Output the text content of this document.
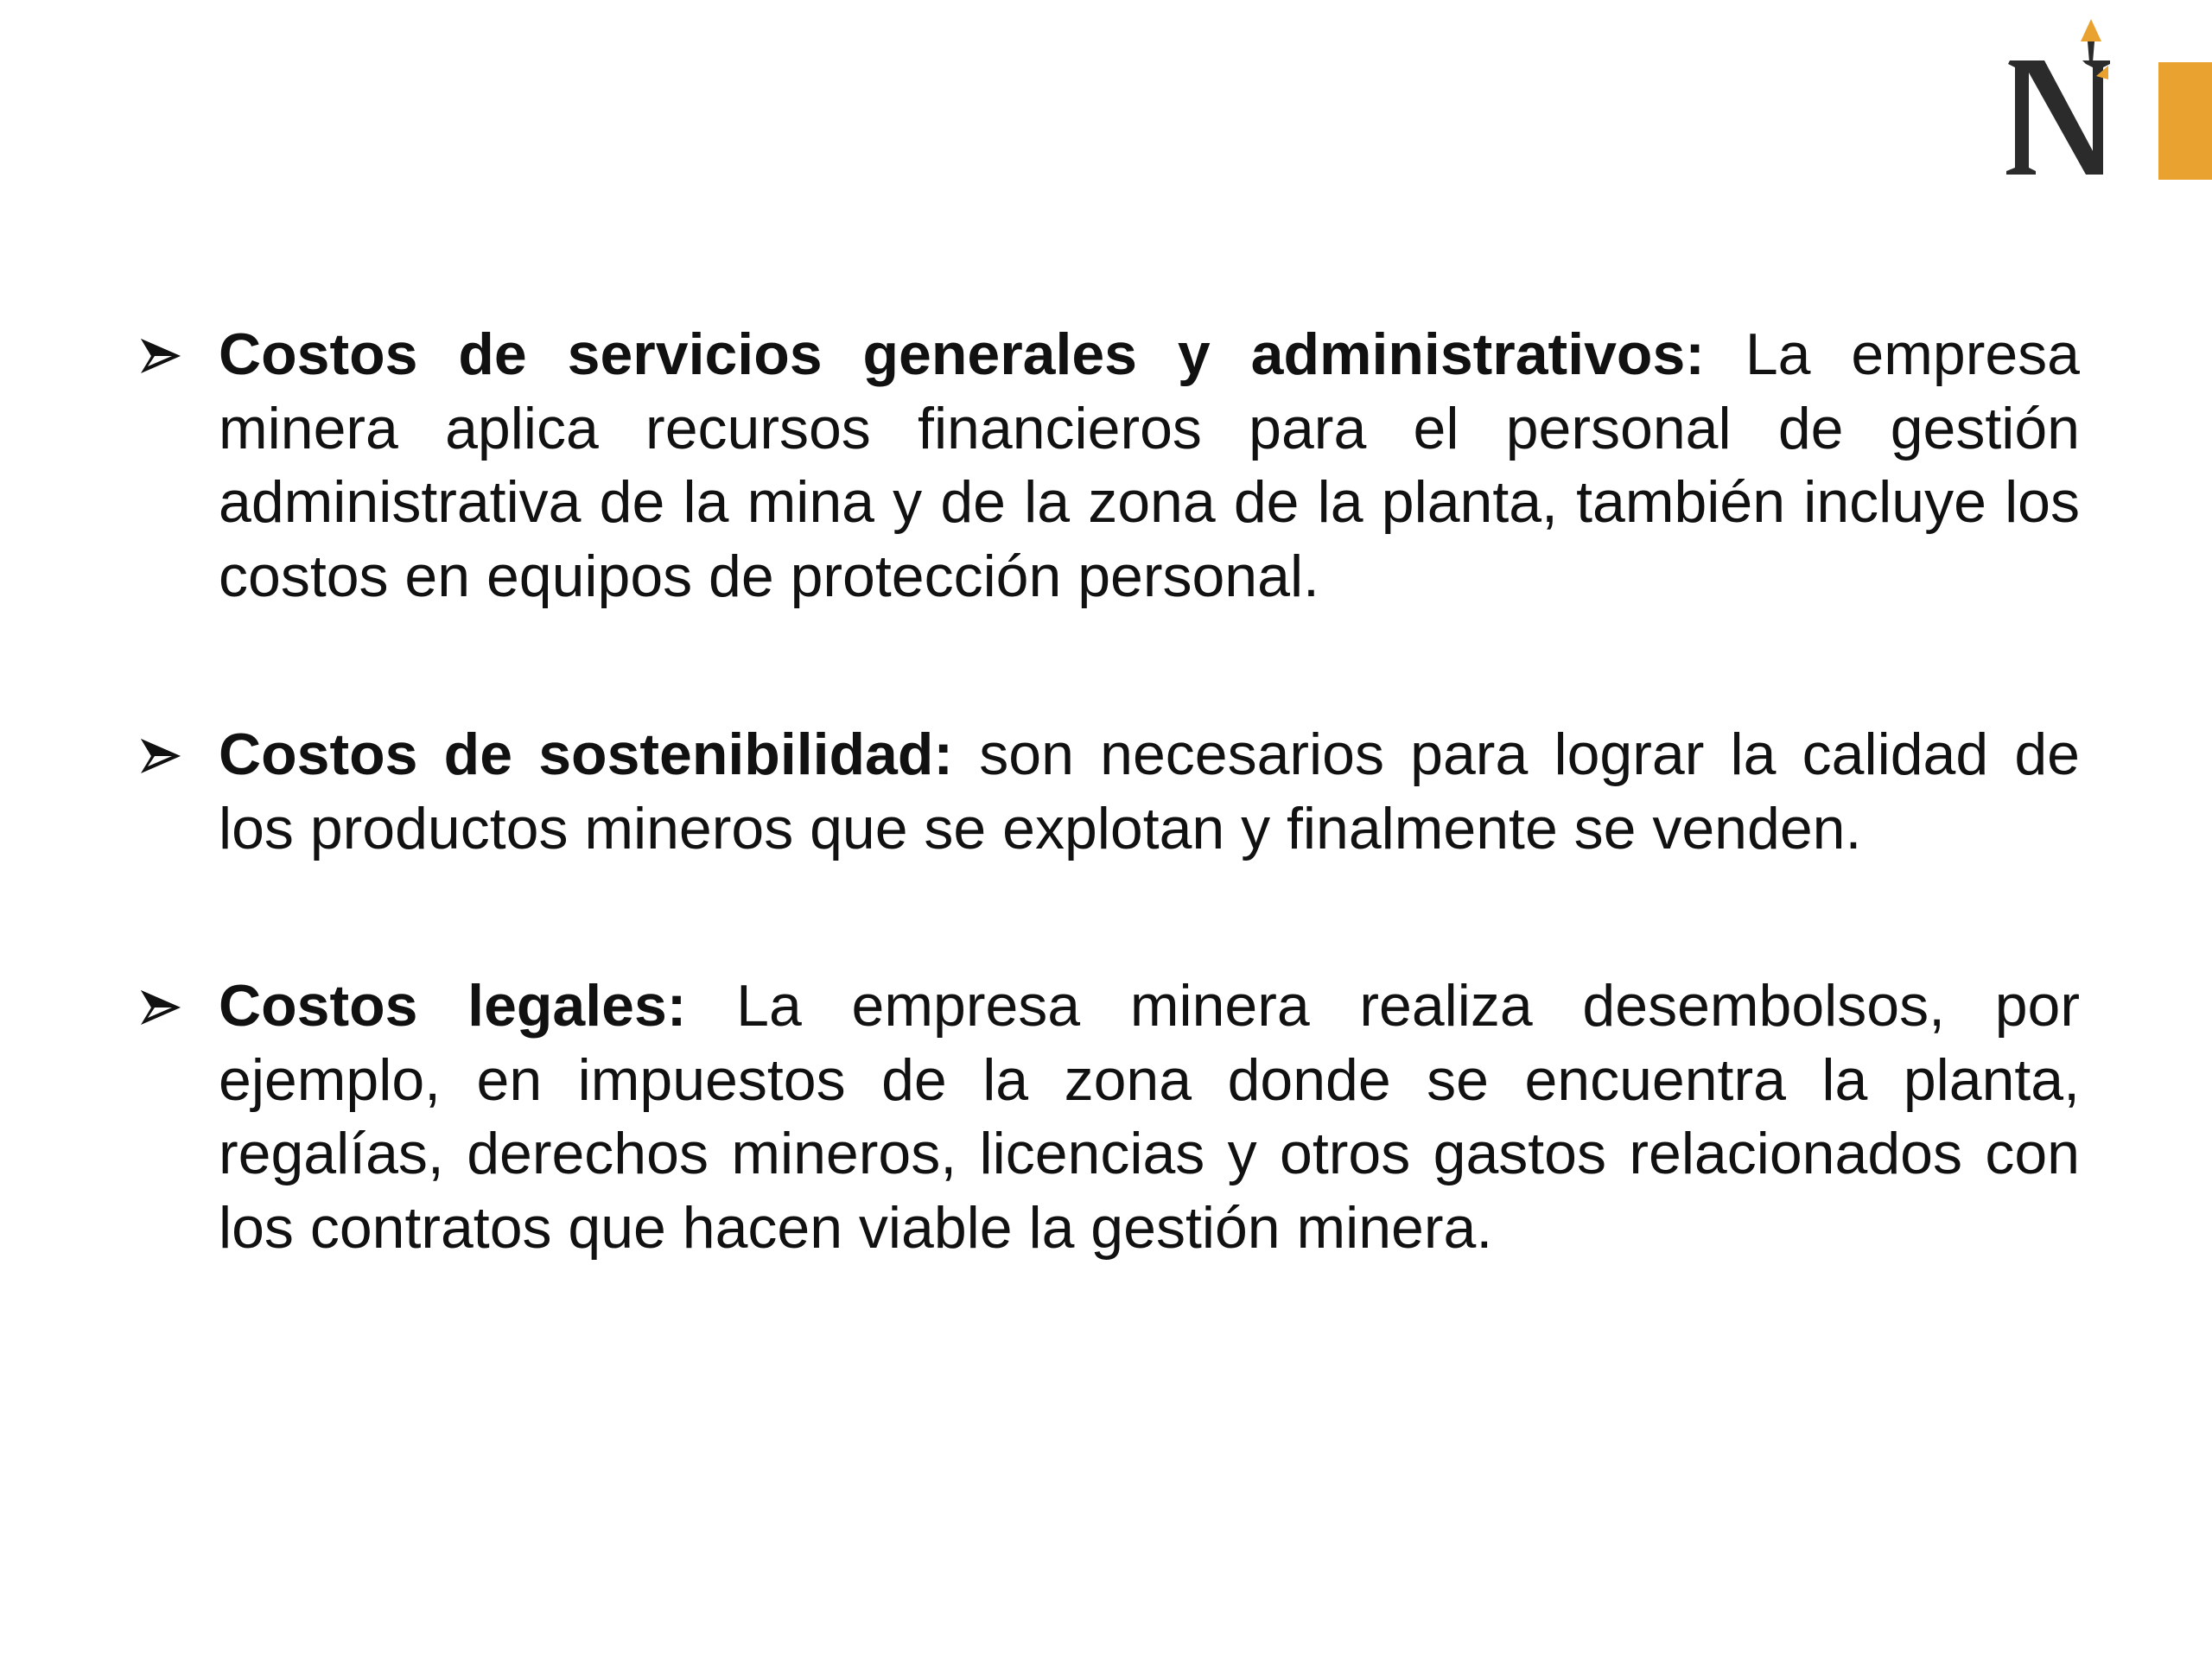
Costos de servicios generales y administrativos: La empresa minera aplica recursos financieros para el personal de gestión administrativa de la mina y de la zona de la planta, también incluye los costos en equipos de protección personal.

Costos de sostenibilidad: son necesarios para lograr la calidad de los productos mineros que se explotan y finalmente se venden.

Costos legales: La empresa minera realiza desembolsos, por ejemplo, en impuestos de la zona donde se encuentra la planta, regalías, derechos mineros, licencias y otros gastos relacionados con los contratos que hacen viable la gestión minera.
